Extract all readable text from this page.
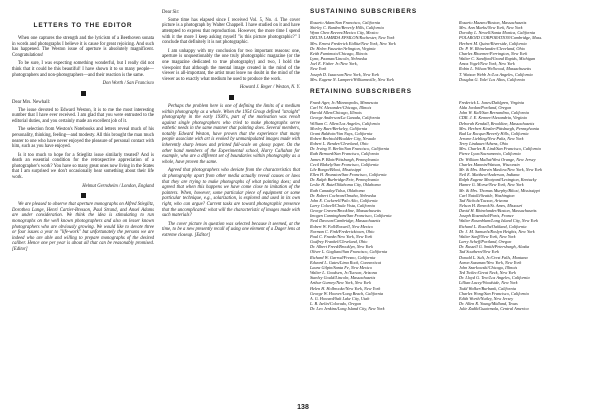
LETTERS TO THE EDITOR

When one captures the strength and the lyricism of a Beethoven sonata in words and photographs I believe it is cause for great rejoicing. And such has happened. The Weston issue of aperture is absolutely magnificent. Congratulations!

To be sure, I was expecting something wonderful, but I really did not think that it could be this beautiful! I have shown it to so many people—photographers and non-photographers—and their reaction is the same.

Don Worth / San Francisco
Dear Mrs. Newhall:

The issue devoted to Edward Weston, it is to me the most interesting number that I have ever received. I am glad that you were entrusted to the editorial duties, and you certainly made an excellent job of it.

The selection from Weston's Notebooks and letters reveal much of his personality, thinking, feeling—and modesty. All this brought the man much nearer to one who have never enjoyed the pleasure of personal contact with him, such as you have enjoyed.

Is it too much to hope for a Stieglitz issue similarly treated? And is death an essential condition for the retrospective appreciation of a photographer's work? You have so many great ones now living in the States that I am surprised we don't occasionally hear something about their life work.

Helmut Gernsheim / London, England

We are pleased to observe that aperture monographs on Alfred Stieglitz, Dorothea Lange, Henri Cartier-Bresson, Paul Strand, and Ansel Adams are under consideration. We think the idea is stimulating to run monographs on the well known photographers and also on lesser known photographers who are obviously growing. We would like to devote three or four issues a year to "life-work" but unfortunately the persons we are indeed who are able and willing to prepare monographs of the desired caliber. Hence one per year is about all that can be reasonably promised. [Editor]

Dear Sir:

Some time has elapsed since I received Vol. 5, No. 4. The cover picture is a photograph by Walter Chappell. I have studied on it and have attempted to express that reproduction. However, the more time I spend with it the more I keep asking myself "is this picture photographic?" I conclude that definitely it is not photographic.

I am unhappy with my conclusion for two important reasons: one, aperture is unquestionably the one truly photographic magazine (or the one magazine dedicated to true photography) and two, I hold the viewpoint that although the mental image created in the mind of the viewer is all-important, the artist must leave no doubt in the mind of the viewer as to exactly what medium he used to produce the work.

Howard J. Reger / Weston, N. Y.

Perhaps the problem here is one of defining the limits of a medium within photography as a whole. When the 1954 Group defined "straight" photography in the early 1930's, part of the motivation was revolt against single photographers who tried to make photographs serve esthetic needs in the same manner that painting does. Several members, notably Edward Weston, have proven that the experience that many people associate with art is evoked by unmanipulated images made with inherently sharp lenses and printed full-scale on glossy paper. On the other hand members of the Experimental school, Harry Callahan for example, who are a different set of boundaries within photography as a whole, have proven the same.

Agreed that photographers who deviate from the characteristics that sit photography apart from other media actually reveal causes or laws that they are trying to make photographs of what painting does; and agreed that when this happens we have come close to imitation of the painters. When, however, some particular piece of equipment or some particular technique, e.g., solarization, is explored and used in its own right, who can argue? Current tasks are toward photographic presence that the uncomplicated: what will the characteristic of images made with such materials?

The cover picture in question was selected because it seemed, at the time, to be a new presently recall of using one element of a Dager lens at extreme closeup. [Editor]

SUSTAINING SUBSCRIBERS
Rosario Adam/San Francisco, California
Shirley C. Burden/Beverly Hills, California
Wynn Chen Reeves/Mexico City, Mexico
DELTA LAMBDA EPSILON/Rochester, New York
Mrs. Ernest Frederick Eidlitz/New York, New York
Dr. Helen Fausette/Arlington, Virginia
Keith Fumimoto/Chicago, Illinois
Lynn, Paxman/Lincoln, Nebraska
Joel E. Fisher Jr./New York,
New York
Joseph D. Isaacson/New York, New York
Mrs. Eugene N. Lampert/Williamsville, New York
Rosario Mazzeo/Boston, Massachusetts
Mrs. Ann Marks/New York, New York
Dorothy L. Newell/Santa Monica, California
POLAROID CORPORATION/Cambridge, Mass.
Herbert M. Quine/Riverside, California
Dr. P. W. Rhinelander/Cleveland, Ohio
Charles Rhoemer/Ferrington, New York
Walter C. Sandford/Grand Rapids, Michigan
Amos Vogel/New York, New York
Robin L. Wilson/Wellwood, Massachusetts
T. Watson Webb Jr./Los Angeles, California
Douglas G. Yale/ Los Altos, California
RETAINING SUBSCRIBERS
Frank Ager, Jr./Minneapolis, Minnesota
Carl W. Alexander/Chicago, Illinois
Harold Allen/Chicago, Illinois
George Anderson/La Canada, California
William C. Allen/Los Angeles, California
Morley Baer/Berkeley, California
Grant Baldwin/Van Nuys, California
Robert Bechtold/Boulder City, Nevada
Robert L. Bender/Cleveland, Ohio
Dr. Irving N. Berlin/San Francisco, California
Ruth Bernard/San Francisco, California
James P. Blair/Pittsburgh, Pennsylvania
Cecil Blakely/San Francisco, California
Lile Bongo/Biloxi, Mississippi
Ellen H. Brunston/San Francisco, California
Dr. Ralph Burbridge/Erie, Pennsylvania
Leslie H. Butz/Oklahoma City, Oklahoma
Ruth Canaday/Tulsa, Oklahoma
Dr. Robert Cochran/Omaha, Nebraska
John E. Cockerell/Palo Alto, California
Larry Colwell/Chula Vista, California
George Craven/Brookline, Massachusetts
Imogen Cunningham/San Francisco, California
Neal Dawson/Cambridge, Massachusetts
Robert W. Fall/Roswell, New Mexico
Norman C. Fink/Fredericktown, Ohio
Paul C. Franke/New York, New York
Godfrey Frankel/Cleveland, Ohio
Dr. Albert Freed/Brooklyn, New York
Oliver L. Gagliani/San Francisco, California
Richard W. Garrod/Fresno, California
Edward L. Gates/Lima Rock, Connecticut
Laura Gilpin/Santa Fe, New Mexico
Walter L. Goodsen, Jr./Tucson, Arizona
Stanley Gould/Lincoln, Massachusetts
Arthur Gurney/New York, New York
Helen H. Holbrooke/New York, New York
George W. Hoover/Long Beach, California
A. G. Howard/Salt Lake City, Utah
L. B. Iselin/Colorado, Oregon
Dr. Leo Jenkins/Long Island City, New York
Frederick L. Jones/Dahlgren, Virginia
Alda Jordan/Portland, Oregon
John W. Kall/San Bernardino, California
CDR. J. E. Kenner/Alexandria, Virginia
Deborah Kendall, Brookline, Massachusetts
Mrs. Herbert Kinzler/Pittsburgh, Pennsylvania
Bud La Rocque/Beverly Hills, California
Jerome Liebling/New Paltz, New York
Terry Lindauer/Athens, Ohio
Mrs. Charles B. Lind/San Francisco, California
Pierce Lyon/Sacramento, California
Dr. William Mallat/West Orange, New Jersey
Charles Mannin/Watson, Wisconsin
Mr. & Mrs. Marvin Maslow/New York, New York
Neil E. Matthew/Anderson, Indiana
Ralph Eugene Meatyard/Lexington, Kentucky
Hamre G. Morse/New York, New York
Mr. & Mrs. Thomas Murphy/Biloxi, Mississippi
Carl Natolli/Seattle, Washington
Tad Nichols/Tucson, Arizona
Nelson H. Reneck/St. Ames, Missouri
David H. Rhinelander/Boston, Massachusetts
Joseph Rosenthal/Paris, France
Walter Rosenblum/Long Island City, New York
Richard L. Rosella/Oakland, California
Dr. J. M. Samuels/Roslyn Heights, New York
Walter Saeff/New York, New York
Larry Scheff/Portland, Oregon
Dr. Russell G. Smith/Petersburgh, Alaska
Tad Southern/New York
Donald L. Sult, Jr./Crest Falls, Montana
Aaron Sussman/New York, New York
John Szarkowski/Chicago, Illinois
Ted Twilec/Great Neck, New York
Dr. Lloyd G. Tew/Los Angeles, California
Lillian Lacey/Woodside, New York
Todd Walker/Burbank, California
Charles Wong/San Francisco, California
Edith Worth/Nutley, New Jersey
Dr. Allen R. Young/Midland, Texas
Julie Zadik/Guatemala, Central America
138
